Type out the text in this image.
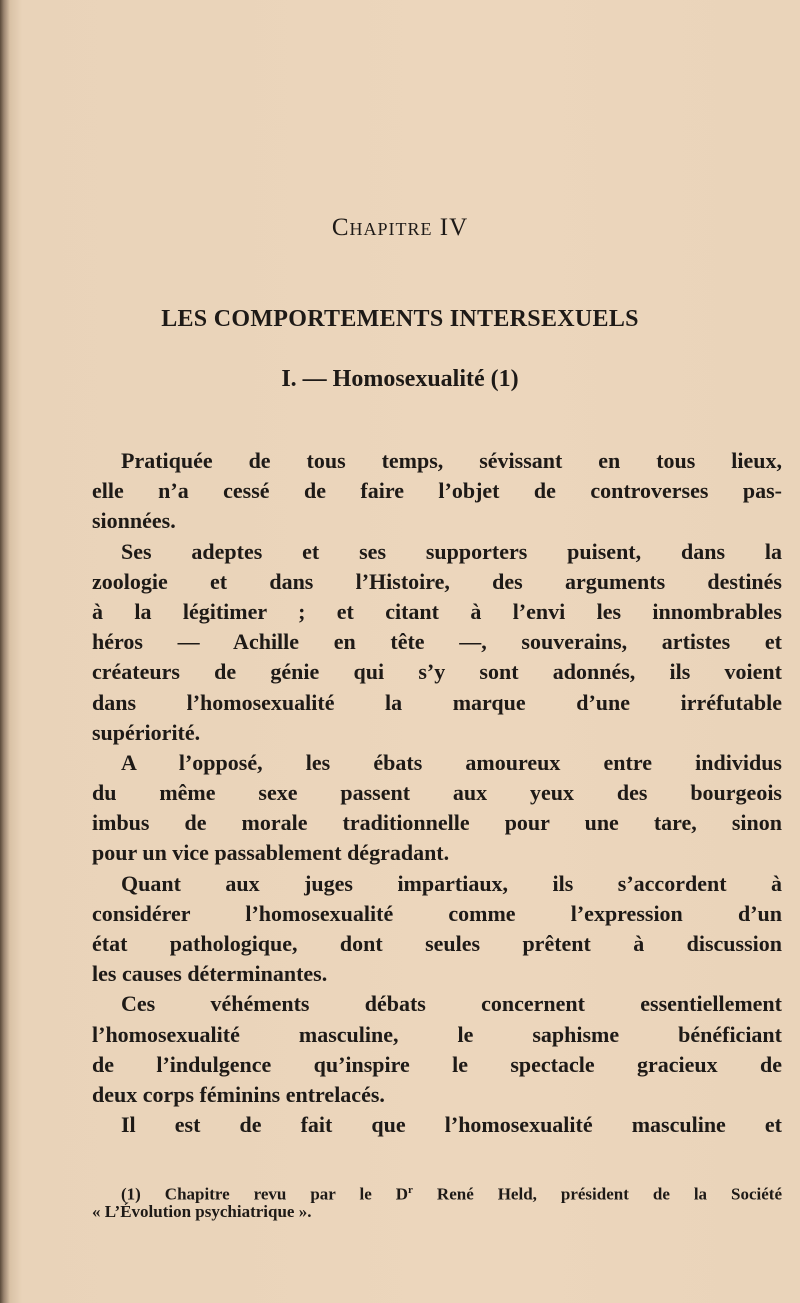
Chapitre IV
LES COMPORTEMENTS INTERSEXUELS
I. — Homosexualité (1)
Pratiquée de tous temps, sévissant en tous lieux,
elle n’a cessé de faire l’objet de controverses pas-
sionnées.
Ses adeptes et ses supporters puisent, dans la
zoologie et dans l’Histoire, des arguments destinés
à la légitimer ; et citant à l’envi les innombrables
héros — Achille en tête —, souverains, artistes et
créateurs de génie qui s’y sont adonnés, ils voient
dans l’homosexualité la marque d’une irréfutable
supériorité.
A l’opposé, les ébats amoureux entre individus
du même sexe passent aux yeux des bourgeois
imbus de morale traditionnelle pour une tare, sinon
pour un vice passablement dégradant.
Quant aux juges impartiaux, ils s’accordent à
considérer l’homosexualité comme l’expression d’un
état pathologique, dont seules prêtent à discussion
les causes déterminantes.
Ces véhéments débats concernent essentiellement
l’homosexualité masculine, le saphisme bénéficiant
de l’indulgence qu’inspire le spectacle gracieux de
deux corps féminins entrelacés.
Il est de fait que l’homosexualité masculine et
(1) Chapitre revu par le $D^r$ René Held, président de la Société
« L’Évolution psychiatrique ».
